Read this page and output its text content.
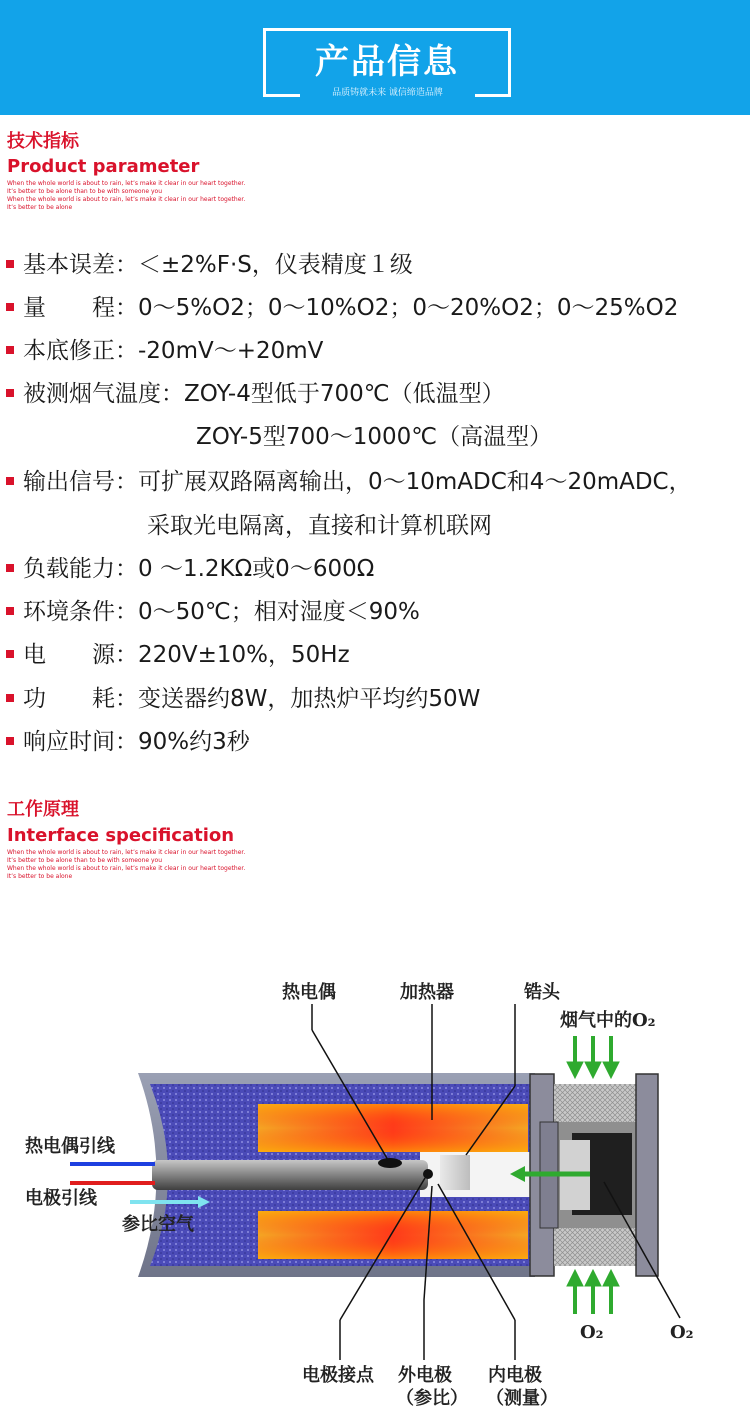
产品信息
品质铸就未来 诚信缔造品牌
技术指标
Product parameter
When the whole world is about to rain, let’s make it clear in our heart together.
It’s better to be alone than to be with someone you
When the whole world is about to rain, let’s make it clear in our heart together.
It’s better to be alone
基本误差：＜±2%F·S，仪表精度１级
量　　程：0～5%O2；0～10%O2；0～20%O2；0～25%O2
本底修正：-20mV～+20mV
被测烟气温度：ZOY-4型低于700℃（低温型）
ZOY-5型700～1000℃（高温型）
输出信号：可扩展双路隔离输出，0～10mADC和4～20mADC，
采取光电隔离，直接和计算机联网
负载能力：0 ～1.2KΩ或0～600Ω
环境条件：0～50℃；相对湿度＜90%
电　　源：220V±10%，50Hz
功　　耗：变送器约8W，加热炉平均约50W
响应时间：90%约3秒
工作原理
Interface specification
When the whole world is about to rain, let’s make it clear in our heart together.
It’s better to be alone than to be with someone you
When the whole world is about to rain, let’s make it clear in our heart together.
It’s better to be alone
热电偶	加热器	锆头
烟气中的O₂
热电偶引线
电极引线
参比空气
电极接点 外电极
（参比）
内电极
（测量）
O₂	O₂
